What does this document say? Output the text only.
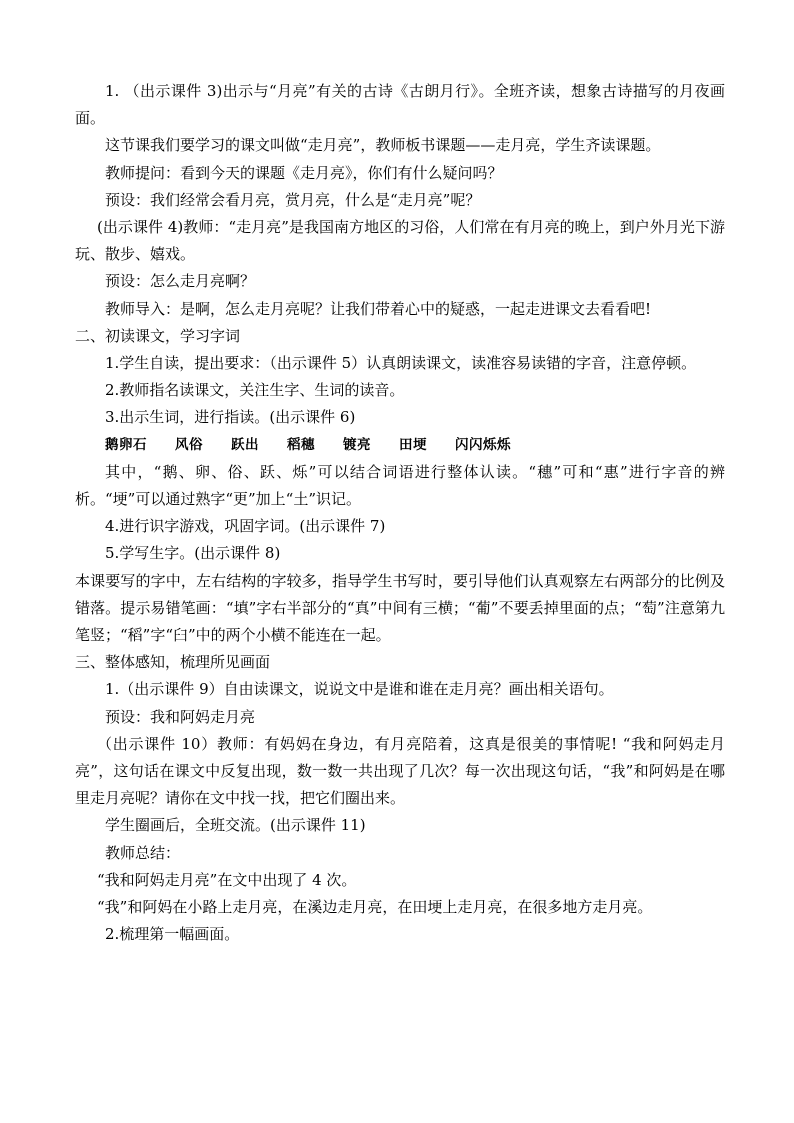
1. （出示课件 3)出示与“月亮”有关的古诗《古朗月行》。全班齐读，想象古诗描写的月夜画面。

这节课我们要学习的课文叫做“走月亮”，教师板书课题——走月亮，学生齐读课题。

教师提问：看到今天的课题《走月亮》，你们有什么疑问吗？

预设：我们经常会看月亮，赏月亮，什么是“走月亮”呢？

(出示课件 4)教师：“走月亮”是我国南方地区的习俗，人们常在有月亮的晚上，到户外月光下游玩、散步、嬉戏。

预设：怎么走月亮啊？

教师导入：是啊，怎么走月亮呢？让我们带着心中的疑惑，一起走进课文去看看吧!

二、初读课文，学习字词

1.学生自读，提出要求：（出示课件 5）认真朗读课文，读准容易读错的字音，注意停顿。

2.教师指名读课文，关注生字、生词的读音。

3.出示生词，进行指读。(出示课件 6)

鹅卵石 风俗 跃出 稻穗 镀亮 田埂 闪闪烁烁

其中，“鹅、卵、俗、跃、烁”可以结合词语进行整体认读。“穗”可和“惠”进行字音的辨析。“埂”可以通过熟字“更”加上“土”识记。

4.进行识字游戏，巩固字词。(出示课件 7)

5.学写生字。(出示课件 8)

本课要写的字中，左右结构的字较多，指导学生书写时，要引导他们认真观察左右两部分的比例及错落。提示易错笔画：“填”字右半部分的“真”中间有三横；“葡”不要丢掉里面的点；“萄”注意第九笔竖；“稻”字“臼”中的两个小横不能连在一起。

三、整体感知，梳理所见画面

1.（出示课件 9）自由读课文，说说文中是谁和谁在走月亮？画出相关语句。

预设：我和阿妈走月亮

（出示课件 10）教师：有妈妈在身边，有月亮陪着，这真是很美的事情呢! “我和阿妈走月亮”，这句话在课文中反复出现，数一数一共出现了几次？每一次出现这句话，“我”和阿妈是在哪里走月亮呢？请你在文中找一找，把它们圈出来。

学生圈画后，全班交流。(出示课件 11)

教师总结：

“我和阿妈走月亮”在文中出现了 4 次。

“我”和阿妈在小路上走月亮，在溪边走月亮，在田埂上走月亮，在很多地方走月亮。

2.梳理第一幅画面。
